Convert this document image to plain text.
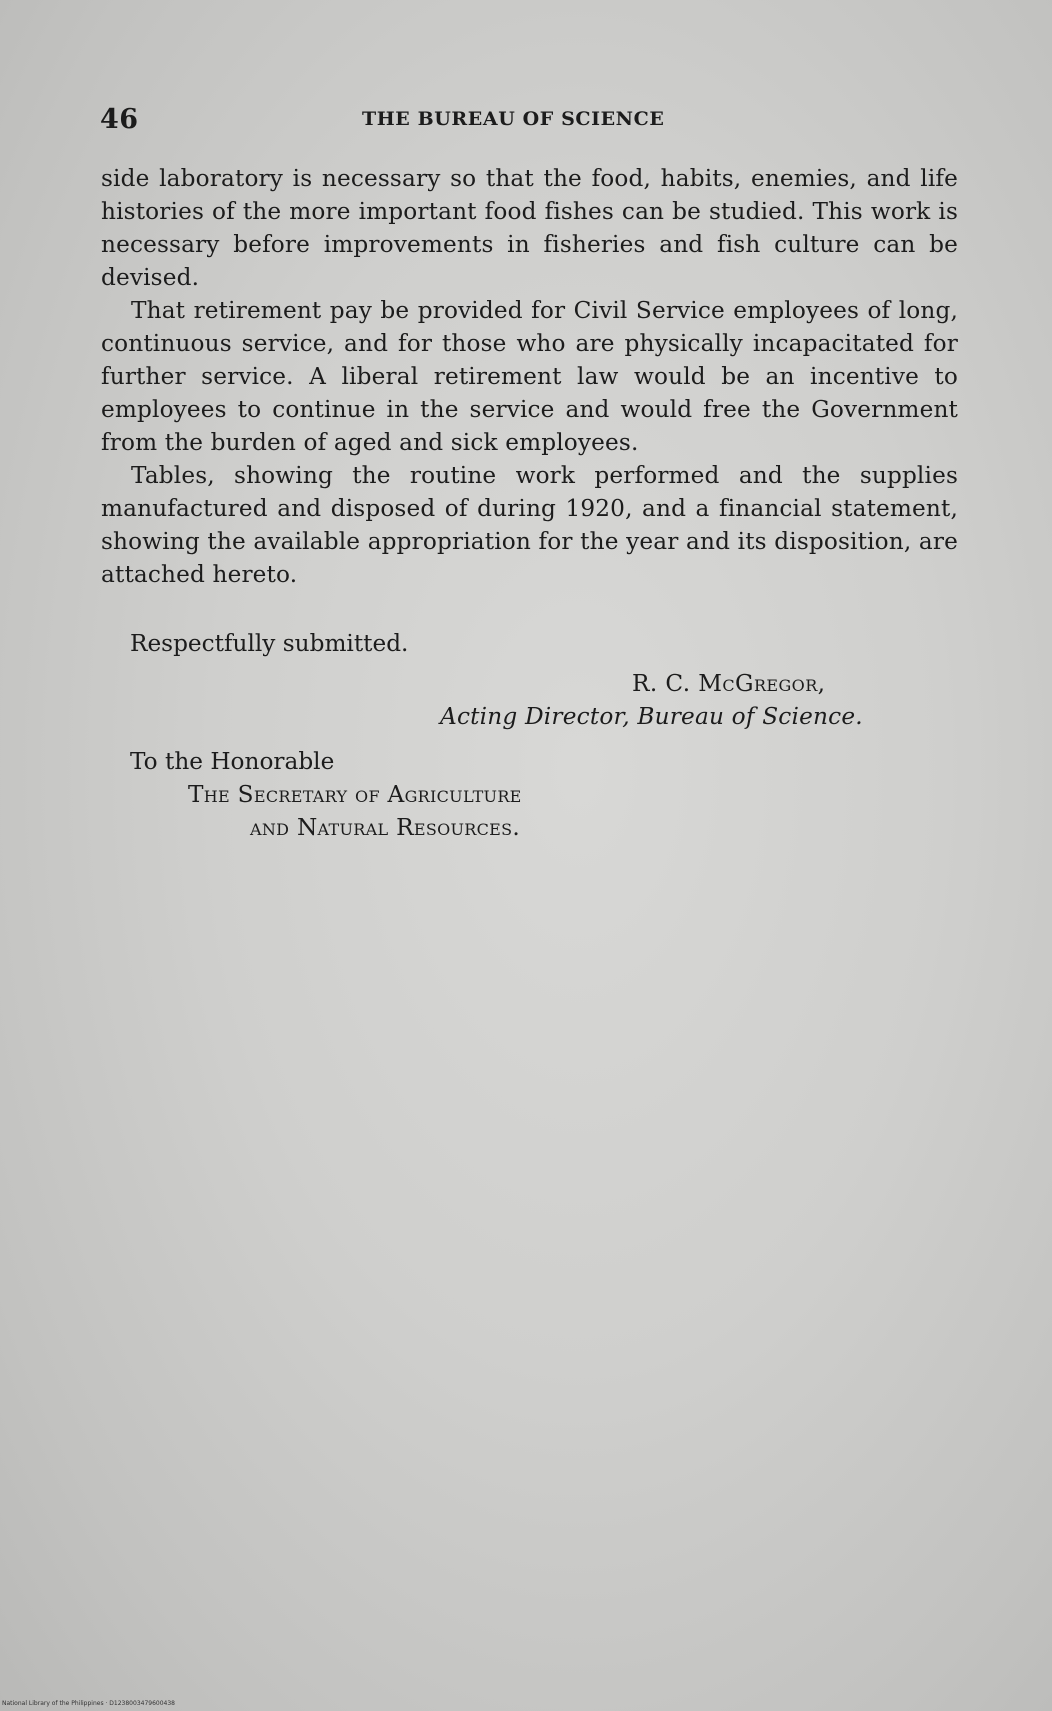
46	THE BUREAU OF SCIENCE

side laboratory is necessary so that the food, habits, enemies, and life histories of the more important food fishes can be studied. This work is necessary before improvements in fisheries and fish culture can be devised.

That retirement pay be provided for Civil Service employees of long, continuous service, and for those who are physically incapacitated for further service. A liberal retirement law would be an incentive to employees to continue in the service and would free the Government from the burden of aged and sick employees.

Tables, showing the routine work performed and the supplies manufactured and disposed of during 1920, and a financial statement, showing the available appropriation for the year and its disposition, are attached hereto.

Respectfully submitted.
R. C. McGregor,
Acting Director, Bureau of Science.
To the Honorable
The Secretary of Agriculture
and Natural Resources.
National Library of the Philippines · D1238003479600438
